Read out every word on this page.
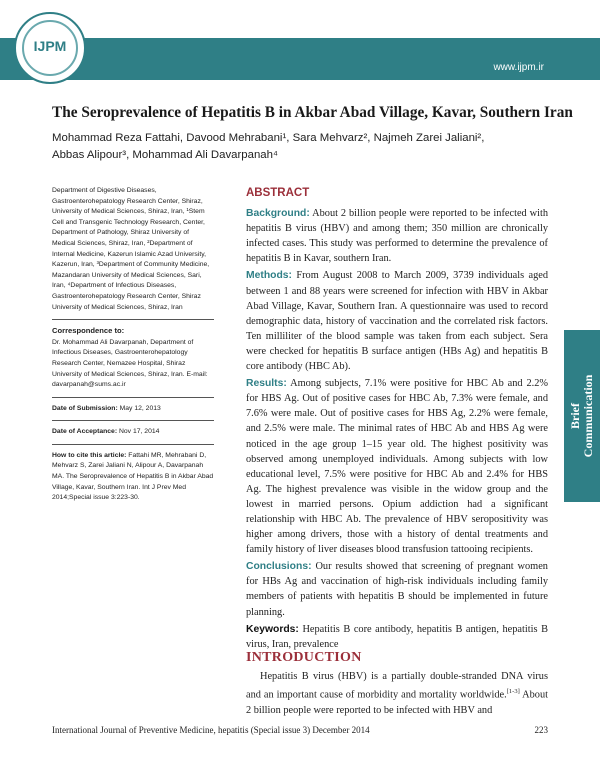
IJPM
www.ijpm.ir
The Seroprevalence of Hepatitis B in Akbar Abad Village, Kavar, Southern Iran
Mohammad Reza Fattahi, Davood Mehrabani¹, Sara Mehvarz², Najmeh Zarei Jaliani²,
Abbas Alipour³, Mohammad Ali Davarpanah⁴
Department of Digestive Diseases, Gastroenterohepatology Research Center, Shiraz, University of Medical Sciences, Shiraz, Iran, ¹Stem Cell and Transgenic Technology Research, Center, Department of Pathology, Shiraz University of Medical Sciences, Shiraz, Iran, ²Department of Internal Medicine, Kazerun Islamic Azad University, Kazerun, Iran, ³Department of Community Medicine, Mazandaran University of Medical Sciences, Sari, Iran, ⁴Department of Infectious Diseases, Gastroenterohepatology Research Center, Shiraz University of Medical Sciences, Shiraz, Iran
Correspondence to:
Dr. Mohammad Ali Davarpanah, Department of Infectious Diseases, Gastroenterohepatology Research Center, Nemazee Hospital, Shiraz University of Medical Sciences, Shiraz, Iran. E-mail: davarpanah@sums.ac.ir
Date of Submission: May 12, 2013
Date of Acceptance: Nov 17, 2014
How to cite this article: Fattahi MR, Mehrabani D, Mehvarz S, Zarei Jaliani N, Alipour A, Davarpanah MA. The Seroprevalence of Hepatitis B in Akbar Abad Village, Kavar, Southern Iran. Int J Prev Med 2014;Special issue 3:223-30.
ABSTRACT

Background: About 2 billion people were reported to be infected with hepatitis B virus (HBV) and among them; 350 million are chronically infected cases. This study was performed to determine the prevalence of hepatitis B in Kavar, southern Iran.

Methods: From August 2008 to March 2009, 3739 individuals aged between 1 and 88 years were screened for infection with HBV in Akbar Abad Village, Kavar, Southern Iran. A questionnaire was used to record demographic data, history of vaccination and the correlated risk factors. Ten milliliter of the blood sample was taken from each subject. Sera were checked for hepatitis B surface antigen (HBs Ag) and hepatitis B core antibody (HBC Ab).

Results: Among subjects, 7.1% were positive for HBC Ab and 2.2% for HBS Ag. Out of positive cases for HBC Ab, 7.3% were female, and 7.6% were male. Out of positive cases for HBS Ag, 2.2% were female, and 2.5% were male. The minimal rates of HBC Ab and HBS Ag were noticed in the age group 1–15 year old. The highest positivity was observed among unemployed individuals. Among subjects with low educational level, 7.5% were positive for HBC Ab and 2.4% for HBS Ag. The highest prevalence was visible in the widow group and the lowest in married persons. Opium addiction had a significant relationship with HBC Ab. The prevalence of HBV seropositivity was higher among drivers, those with a history of dental treatments and family history of liver diseases blood transfusion tattooing recipients.

Conclusions: Our results showed that screening of pregnant women for HBs Ag and vaccination of high-risk individuals including family members of patients with hepatitis B should be implemented in future planning.

Keywords: Hepatitis B core antibody, hepatitis B antigen, hepatitis B virus, Iran, prevalence

INTRODUCTION
Hepatitis B virus (HBV) is a partially double-stranded DNA virus and an important cause of morbidity and mortality worldwide.[1-3] About 2 billion people were reported to be infected with HBV and
Brief Communication
International Journal of Preventive Medicine, hepatitis (Special issue 3) December 2014	223
